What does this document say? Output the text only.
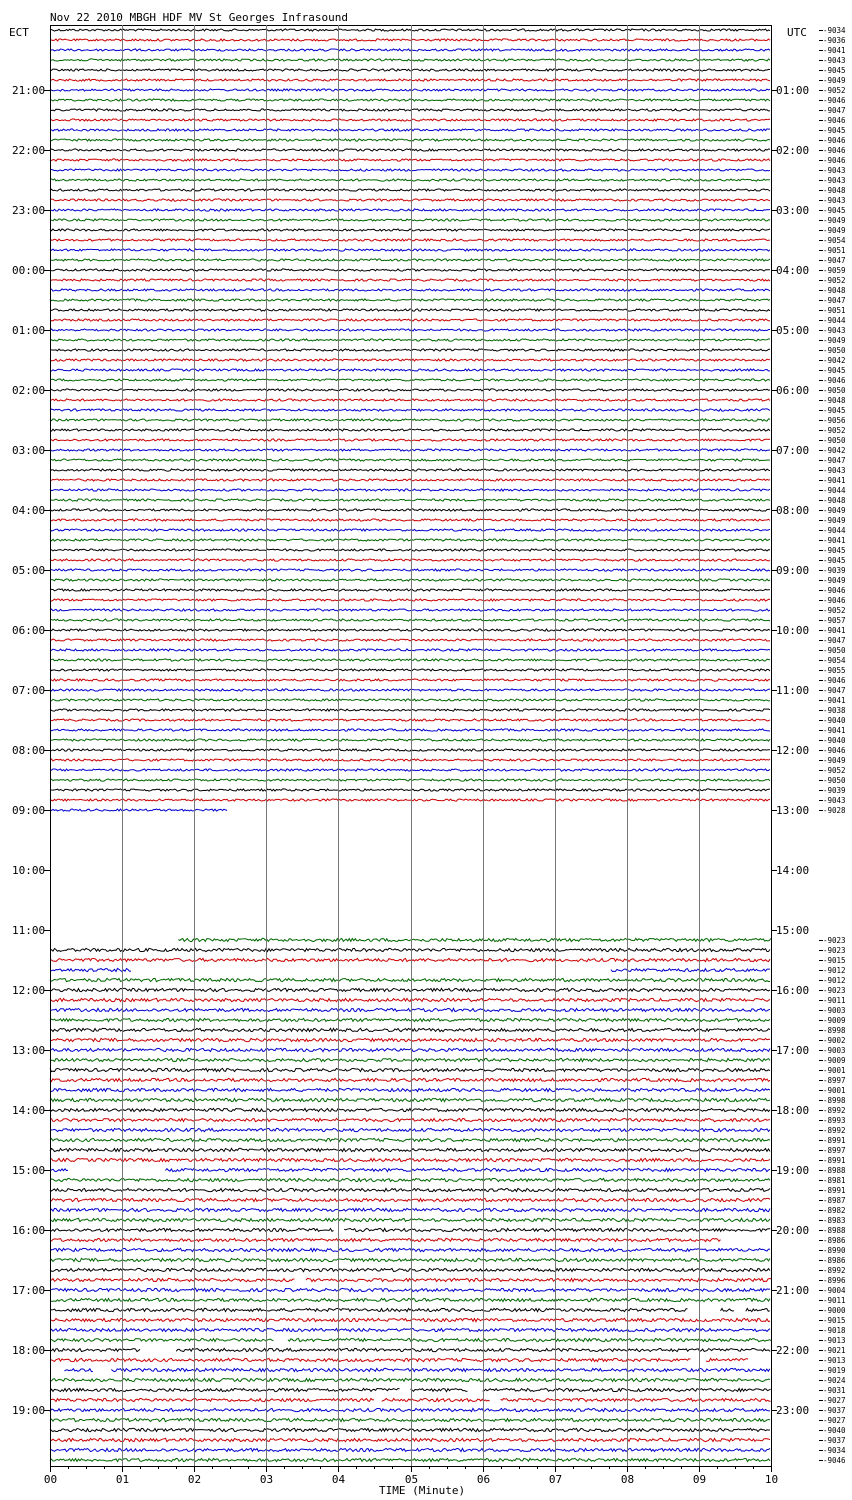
Nov 22 2010 MBGH HDF MV St Georges Infrasound
ECT	UTC
00	01	02	03	04	05	06	07	08	09	10
21:00
22:00
23:00
00:00
01:00
02:00
03:00
04:00
05:00
06:00
07:00
08:00
09:00
10:00
11:00
12:00
13:00
14:00
15:00
16:00
17:00
18:00
19:00
01:00
02:00
03:00
04:00
05:00
06:00
07:00
08:00
09:00
10:00
11:00
12:00
13:00
14:00
15:00
16:00
17:00
18:00
19:00
20:00
21:00
22:00
23:00
-9034
-9036
-9041
-9043
-9045
-9049
-9052
-9046
-9047
-9046
-9045
-9046
-9046
-9046
-9043
-9043
-9048
-9043
-9045
-9049
-9049
-9054
-9051
-9047
-9059
-9052
-9048
-9047
-9051
-9044
-9043
-9049
-9050
-9042
-9045
-9046
-9050
-9048
-9045
-9056
-9052
-9050
-9042
-9047
-9043
-9041
-9044
-9048
-9049
-9049
-9044
-9041
-9045
-9045
-9039
-9049
-9046
-9046
-9052
-9057
-9041
-9047
-9050
-9054
-9055
-9046
-9047
-9041
-9038
-9040
-9041
-9040
-9046
-9049
-9052
-9050
-9039
-9043
-9028
-9023
-9023
-9015
-9012
-9012
-9023
-9011
-9003
-9009
-8998
-9002
-9003
-9009
-9001
-8997
-9001
-8998
-8992
-8993
-8992
-8991
-8997
-8991
-8988
-8981
-8991
-8987
-8982
-8983
-8988
-8986
-8990
-8986
-8992
-8996
-9004
-9011
-9000
-9015
-9018
-9013
-9021
-9013
-9019
-9024
-9031
-9027
-9037
-9027
-9040
-9037
-9034
-9046
TIME (Minute)
